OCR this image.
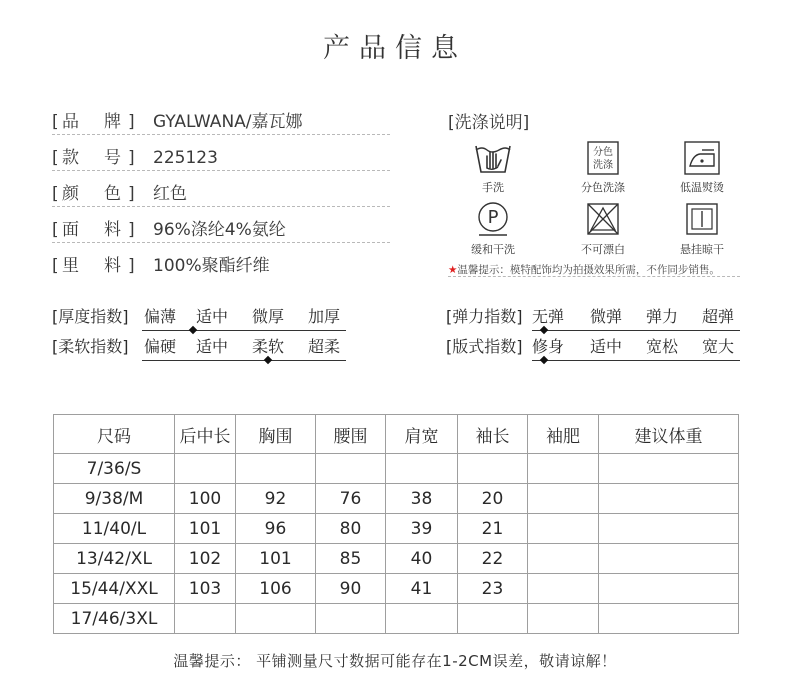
产品信息
[ 品 牌 ] GYALWANA/嘉瓦娜
[ 款 号 ] 225123
[ 颜 色 ] 红色
[ 面 料 ] 96%涤纶4%氨纶
[ 里 料 ] 100%聚酯纤维
[洗涤说明]
手洗
分色
洗涤
分色洗涤	低温熨烫
P
缓和干洗	不可漂白	悬挂晾干
★温馨提示：模特配饰均为拍摄效果所需，不作同步销售。
[厚度指数] 偏薄 适中 微厚 加厚
[柔软指数] 偏硬 适中 柔软 超柔
[弹力指数] 无弹 微弹 弹力 超弹
[版式指数] 修身 适中 宽松 宽大
尺码	后中长	胸围	腰围	肩宽	袖长	袖肥	建议体重
7/36/S							
9/38/M	100	92	76	38	20		
11/40/L	101	96	80	39	21		
13/42/XL	102	101	85	40	22		
15/44/XXL	103	106	90	41	23		
17/46/3XL							
温馨提示： 平铺测量尺寸数据可能存在1-2CM误差，敬请谅解！
